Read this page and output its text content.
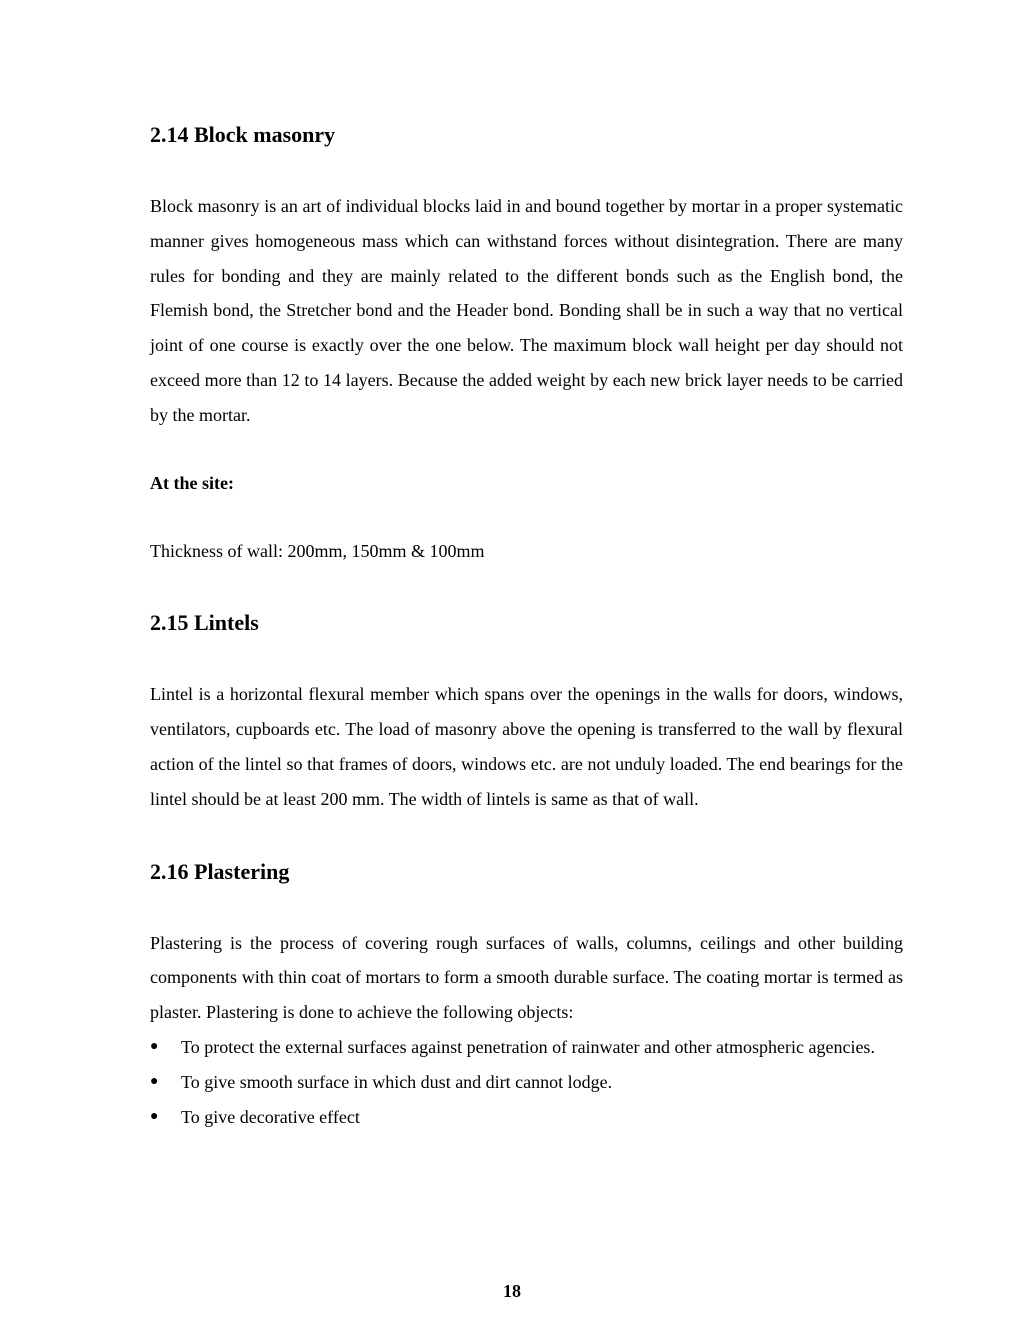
2.14 Block masonry

Block masonry is an art of individual blocks laid in and bound together by mortar in a proper systematic manner gives homogeneous mass which can withstand forces without disintegration. There are many rules for bonding and they are mainly related to the different bonds such as the English bond, the Flemish bond, the Stretcher bond and the Header bond. Bonding shall be in such a way that no vertical joint of one course is exactly over the one below. The maximum block wall height per day should not exceed more than 12 to 14 layers. Because the added weight by each new brick layer needs to be carried by the mortar.

At the site:

Thickness of wall: 200mm, 150mm & 100mm

2.15 Lintels

Lintel is a horizontal flexural member which spans over the openings in the walls for doors, windows, ventilators, cupboards etc. The load of masonry above the opening is transferred to the wall by flexural action of the lintel so that frames of doors, windows etc. are not unduly loaded. The end bearings for the lintel should be at least 200 mm. The width of lintels is same as that of wall.

2.16 Plastering

Plastering is the process of covering rough surfaces of walls, columns, ceilings and other building components with thin coat of mortars to form a smooth durable surface. The coating mortar is termed as plaster. Plastering is done to achieve the following objects:

● To protect the external surfaces against penetration of rainwater and other atmospheric agencies.
● To give smooth surface in which dust and dirt cannot lodge.
● To give decorative effect
18
